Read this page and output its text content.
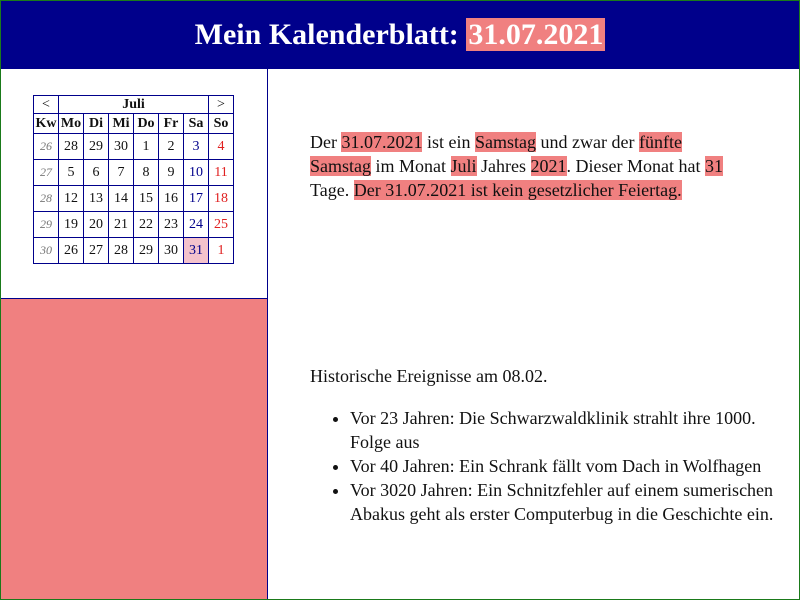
Mein Kalenderblatt: 31.07.2021
<	Juli						>
Kw	Mo	Di	Mi	Do	Fr	Sa	So
26	28	29	30	1	2	3	4
27	5	6	7	8	9	10	11
28	12	13	14	15	16	17	18
29	19	20	21	22	23	24	25
30	26	27	28	29	30	31	1

Der 31.07.2021 ist ein Samstag und zwar der fünfte Samstag im Monat Juli Jahres 2021. Dieser Monat hat 31 Tage. Der 31.07.2021 ist kein gesetzlicher Feiertag.

Historische Ereignisse am 08.02.
• Vor 23 Jahren: Die Schwarzwaldklinik strahlt ihre 1000. Folge aus
• Vor 40 Jahren: Ein Schrank fällt vom Dach in Wolfhagen
• Vor 3020 Jahren: Ein Schnitzfehler auf einem sumerischen Abakus geht als erster Computerbug in die Geschichte ein.
